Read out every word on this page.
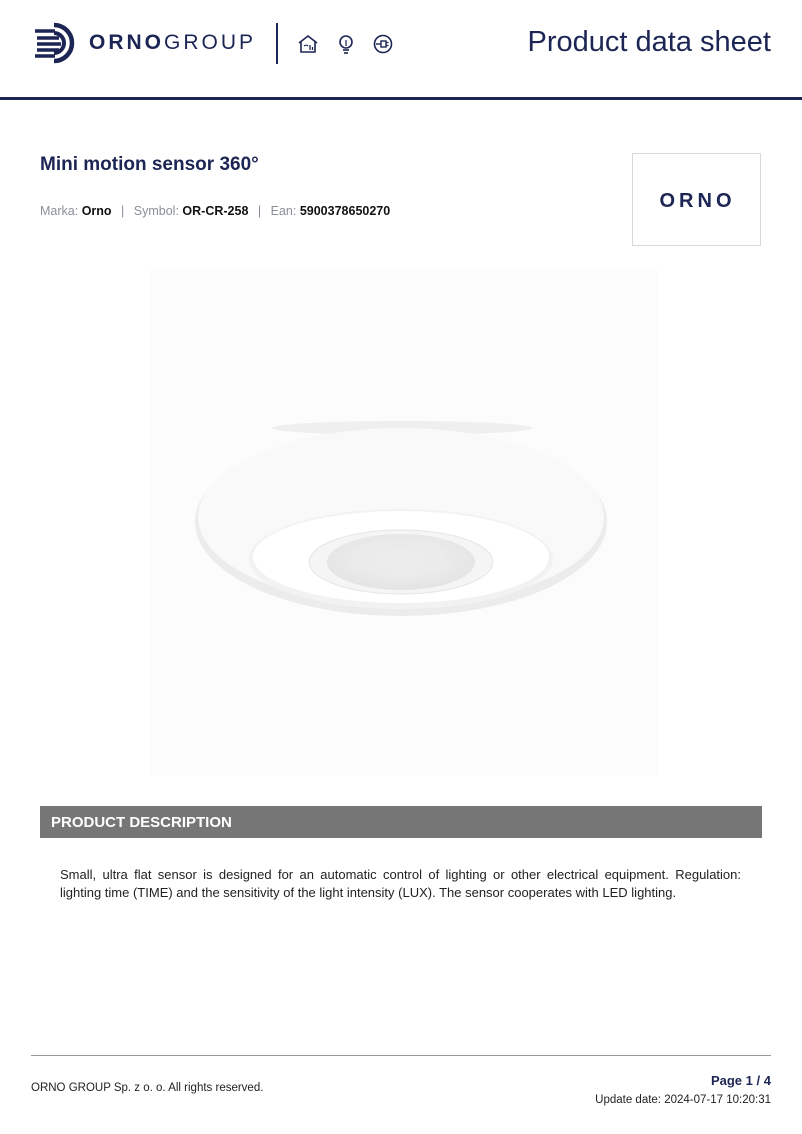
ORNOGROUP	Product data sheet
Mini motion sensor 360°
Marka: Orno | Symbol: OR-CR-258 | Ean: 5900378650270	ORNO
PRODUCT DESCRIPTION

Small, ultra flat sensor is designed for an automatic control of lighting or other electrical equipment. Regulation: lighting time (TIME) and the sensitivity of the light intensity (LUX). The sensor cooperates with LED lighting.

ORNO GROUP Sp. z o. o. All rights reserved.	Page 1 / 4
Update date: 2024-07-17 10:20:31
